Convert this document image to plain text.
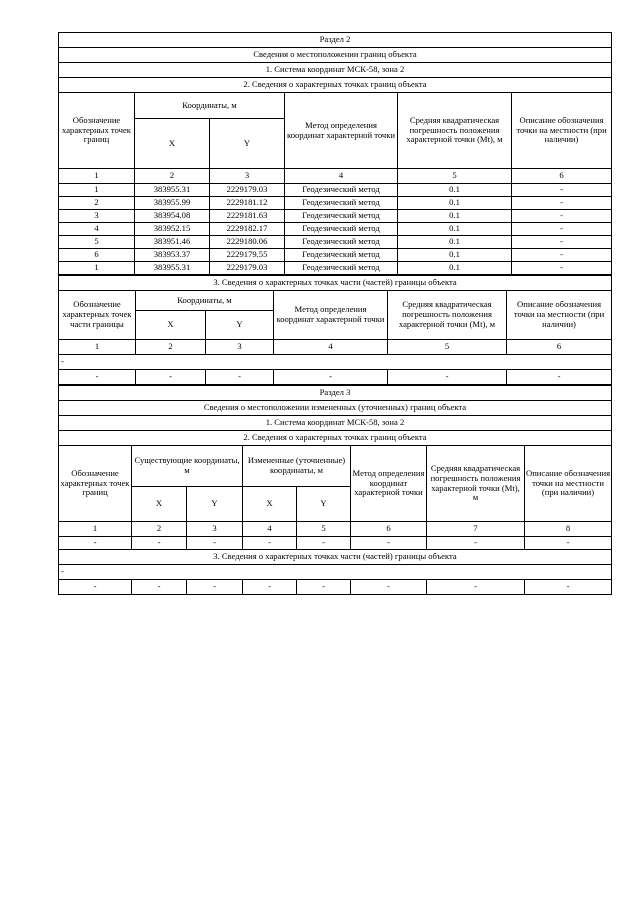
Раздел 2					
Сведения о местоположении границ объекта					
1. Система координат МСК-58, зона 2					
2. Сведения о характерных точках границ объекта					
Обозначение характерных точек границ	Координаты, м		Метод определения координат характерной точки	Средняя квадратическая погрешность положения характерной точки (Mt), м	Описание обозначения точки на местности (при наличии)
	X	Y			
1	2	3	4	5	6
1	383955.31	2229179.03	Геодезический метод	0.1	-
2	383955.99	2229181.12	Геодезический метод	0.1	-
3	383954.08	2229181.63	Геодезический метод	0.1	-
4	383952.15	2229182.17	Геодезический метод	0.1	-
5	383951.46	2229180.06	Геодезический метод	0.1	-
6	383953.37	2229179.55	Геодезический метод	0.1	-
1	383955.31	2229179.03	Геодезический метод	0.1	-
3. Сведения о характерных точках части (частей) границы объекта					
Обозначение характерных точек части границы	Координаты, м		Метод определения координат характерной точки	Средняя квадратическая погрешность положения характерной точки (Mt), м	Описание обозначения точки на местности (при наличии)
	X	Y			
1	2	3	4	5	6
-					
-	-	-	-	-	-
Раздел 3							
Сведения о местоположении измененных (уточненных) границ объекта							
1. Система координат МСК-58, зона 2							
2. Сведения о характерных точках границ объекта							
Обозначение характерных точек границ	Существующие координаты, м		Измененные (уточненные) координаты, м		Метод определения координат характерной точки	Средняя квадратическая погрешность положения характерной точки (Mt), м	Описание обозначения точки на местности (при наличии)
	X	Y	X	Y			
1	2	3	4	5	6	7	8
-	-	-	-	-	-	-	-
3. Сведения о характерных точках части (частей) границы объекта							
-							
-	-	-	-	-	-	-	-
